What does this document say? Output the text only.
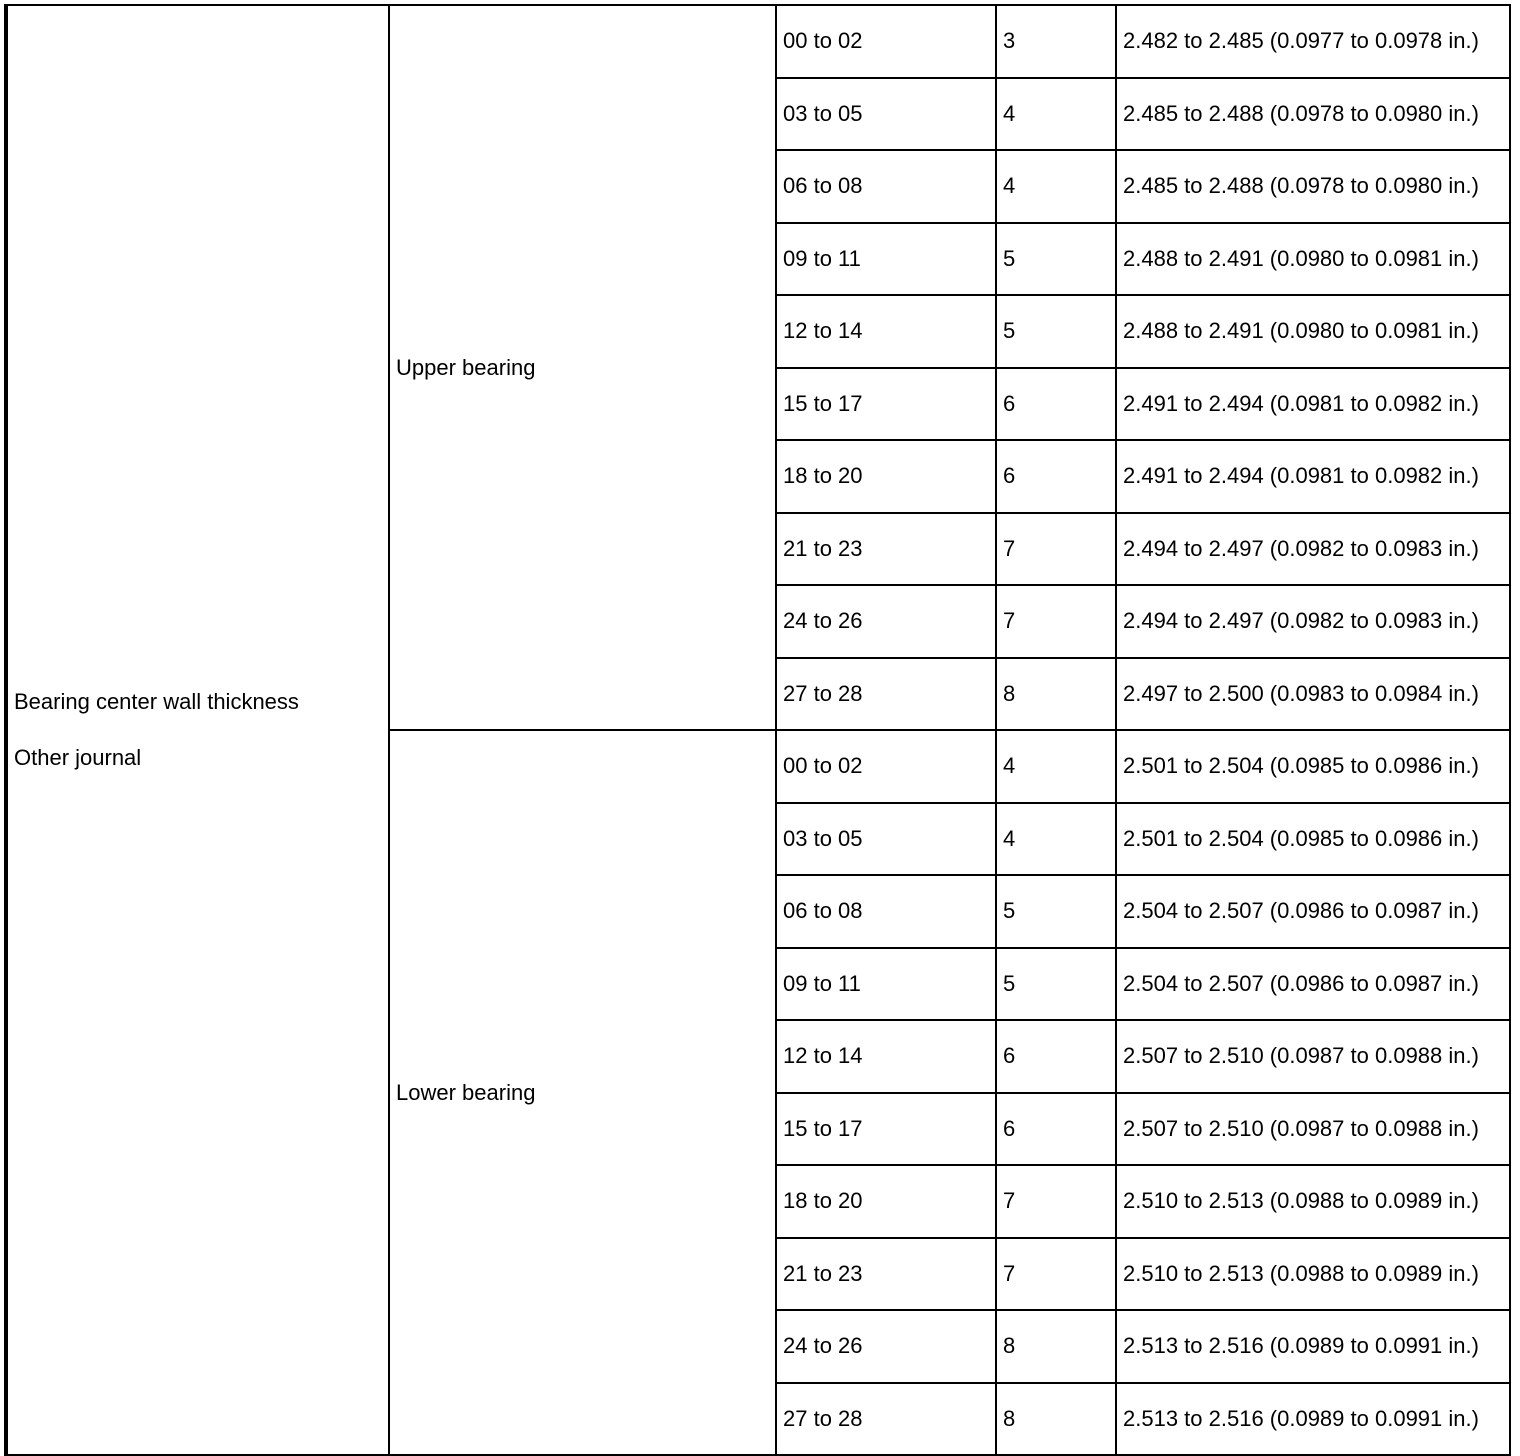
Bearing center wall thickness
Other journal	Upper bearing	00 to 02	3	2.482 to 2.485 (0.0977 to 0.0978 in.)
		03 to 05	4	2.485 to 2.488 (0.0978 to 0.0980 in.)
		06 to 08	4	2.485 to 2.488 (0.0978 to 0.0980 in.)
		09 to 11	5	2.488 to 2.491 (0.0980 to 0.0981 in.)
		12 to 14	5	2.488 to 2.491 (0.0980 to 0.0981 in.)
		15 to 17	6	2.491 to 2.494 (0.0981 to 0.0982 in.)
		18 to 20	6	2.491 to 2.494 (0.0981 to 0.0982 in.)
		21 to 23	7	2.494 to 2.497 (0.0982 to 0.0983 in.)
		24 to 26	7	2.494 to 2.497 (0.0982 to 0.0983 in.)
		27 to 28	8	2.497 to 2.500 (0.0983 to 0.0984 in.)
	Lower bearing	00 to 02	4	2.501 to 2.504 (0.0985 to 0.0986 in.)
		03 to 05	4	2.501 to 2.504 (0.0985 to 0.0986 in.)
		06 to 08	5	2.504 to 2.507 (0.0986 to 0.0987 in.)
		09 to 11	5	2.504 to 2.507 (0.0986 to 0.0987 in.)
		12 to 14	6	2.507 to 2.510 (0.0987 to 0.0988 in.)
		15 to 17	6	2.507 to 2.510 (0.0987 to 0.0988 in.)
		18 to 20	7	2.510 to 2.513 (0.0988 to 0.0989 in.)
		21 to 23	7	2.510 to 2.513 (0.0988 to 0.0989 in.)
		24 to 26	8	2.513 to 2.516 (0.0989 to 0.0991 in.)
		27 to 28	8	2.513 to 2.516 (0.0989 to 0.0991 in.)
